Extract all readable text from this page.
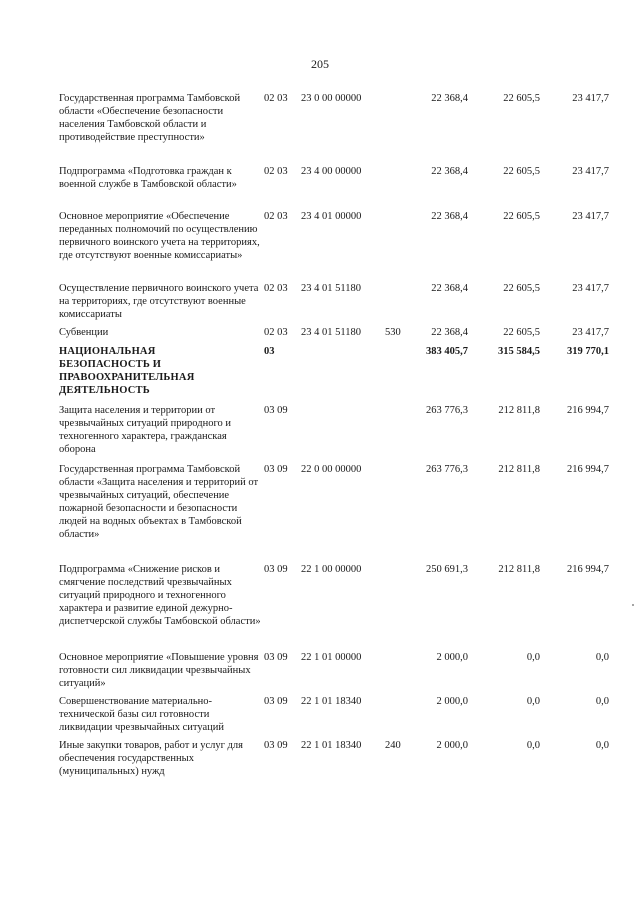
205
Государственная программа Тамбовской области «Обеспечение безопасности населения Тамбовской области и противодействие преступности»
02 03 23 0 00 00000	22 368,4	22 605,5	23 417,7
Подпрограмма «Подготовка граждан к военной службе в Тамбовской области»
02 03 23 4 00 00000	22 368,4	22 605,5	23 417,7
Основное мероприятие «Обеспечение переданных полномочий по осуществлению первичного воинского учета на территориях, где отсутствуют военные комиссариаты»
02 03 23 4 01 00000	22 368,4	22 605,5	23 417,7
Осуществление первичного воинского учета на территориях, где отсутствуют военные комиссариаты
02 03 23 4 01 51180	22 368,4	22 605,5	23 417,7
Субвенции	02 03 23 4 01 51180 530	22 368,4	22 605,5	23 417,7
НАЦИОНАЛЬНАЯ БЕЗОПАСНОСТЬ И ПРАВООХРАНИТЕЛЬНАЯ ДЕЯТЕЛЬНОСТЬ
03	383 405,7	315 584,5	319 770,1
Защита населения и территории от чрезвычайных ситуаций природного и техногенного характера, гражданская оборона
03 09	263 776,3	212 811,8	216 994,7
Государственная программа Тамбовской области «Защита населения и территорий от чрезвычайных ситуаций, обеспечение пожарной безопасности и безопасности людей на водных объектах в Тамбовской области»
03 09 22 0 00 00000	263 776,3	212 811,8	216 994,7
Подпрограмма «Снижение рисков и смягчение последствий чрезвычайных ситуаций природного и техногенного характера и развитие единой дежурно-диспетчерской службы Тамбовской области»
03 09 22 1 00 00000	250 691,3	212 811,8	216 994,7
Основное мероприятие «Повышение уровня готовности сил ликвидации чрезвычайных ситуаций»
03 09 22 1 01 00000	2 000,0	0,0	0,0
Совершенствование материально-технической базы сил готовности ликвидации чрезвычайных ситуаций
03 09 22 1 01 18340	2 000,0	0,0	0,0
Иные закупки товаров, работ и услуг для обеспечения государственных (муниципальных) нужд
03 09 22 1 01 18340 240	2 000,0	0,0	0,0
